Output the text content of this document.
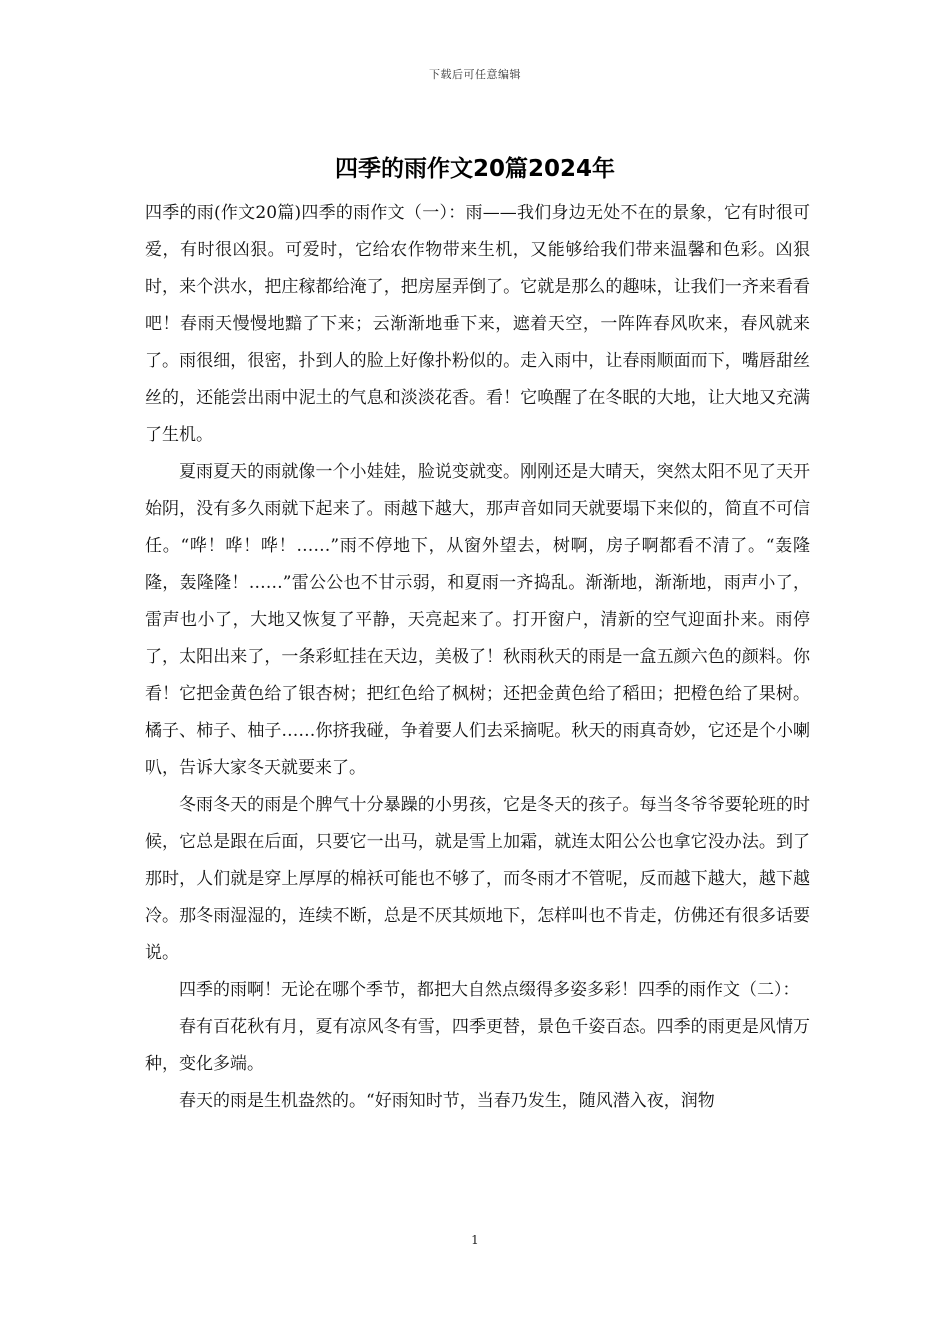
下载后可任意编辑
四季的雨作文20篇2024年

四季的雨(作文20篇)四季的雨作文（一）：雨——我们身边无处不在的景象，它有时很可爱，有时很凶狠。可爱时，它给农作物带来生机，又能够给我们带来温馨和色彩。凶狠时，来个洪水，把庄稼都给淹了，把房屋弄倒了。它就是那么的趣味，让我们一齐来看看吧！春雨天慢慢地黯了下来；云渐渐地垂下来，遮着天空，一阵阵春风吹来，春风就来了。雨很细，很密，扑到人的脸上好像扑粉似的。走入雨中，让春雨顺面而下，嘴唇甜丝丝的，还能尝出雨中泥土的气息和淡淡花香。看！它唤醒了在冬眠的大地，让大地又充满了生机。

夏雨夏天的雨就像一个小娃娃，脸说变就变。刚刚还是大晴天，突然太阳不见了天开始阴，没有多久雨就下起来了。雨越下越大，那声音如同天就要塌下来似的，简直不可信任。“哗！哗！哗！……”雨不停地下，从窗外望去，树啊，房子啊都看不清了。“轰隆隆，轰隆隆！……”雷公公也不甘示弱，和夏雨一齐捣乱。渐渐地，渐渐地，雨声小了，雷声也小了，大地又恢复了平静，天亮起来了。打开窗户，清新的空气迎面扑来。雨停了，太阳出来了，一条彩虹挂在天边，美极了！秋雨秋天的雨是一盒五颜六色的颜料。你看！它把金黄色给了银杏树；把红色给了枫树；还把金黄色给了稻田；把橙色给了果树。橘子、柿子、柚子……你挤我碰，争着要人们去采摘呢。秋天的雨真奇妙，它还是个小喇叭，告诉大家冬天就要来了。

冬雨冬天的雨是个脾气十分暴躁的小男孩，它是冬天的孩子。每当冬爷爷要轮班的时候，它总是跟在后面，只要它一出马，就是雪上加霜，就连太阳公公也拿它没办法。到了那时，人们就是穿上厚厚的棉袄可能也不够了，而冬雨才不管呢，反而越下越大，越下越冷。那冬雨湿湿的，连续不断，总是不厌其烦地下，怎样叫也不肯走，仿佛还有很多话要说。

四季的雨啊！无论在哪个季节，都把大自然点缀得多姿多彩！四季的雨作文（二）：

春有百花秋有月，夏有凉风冬有雪，四季更替，景色千姿百态。四季的雨更是风情万种，变化多端。

春天的雨是生机盎然的。“好雨知时节，当春乃发生，随风潜入夜，润物

1
